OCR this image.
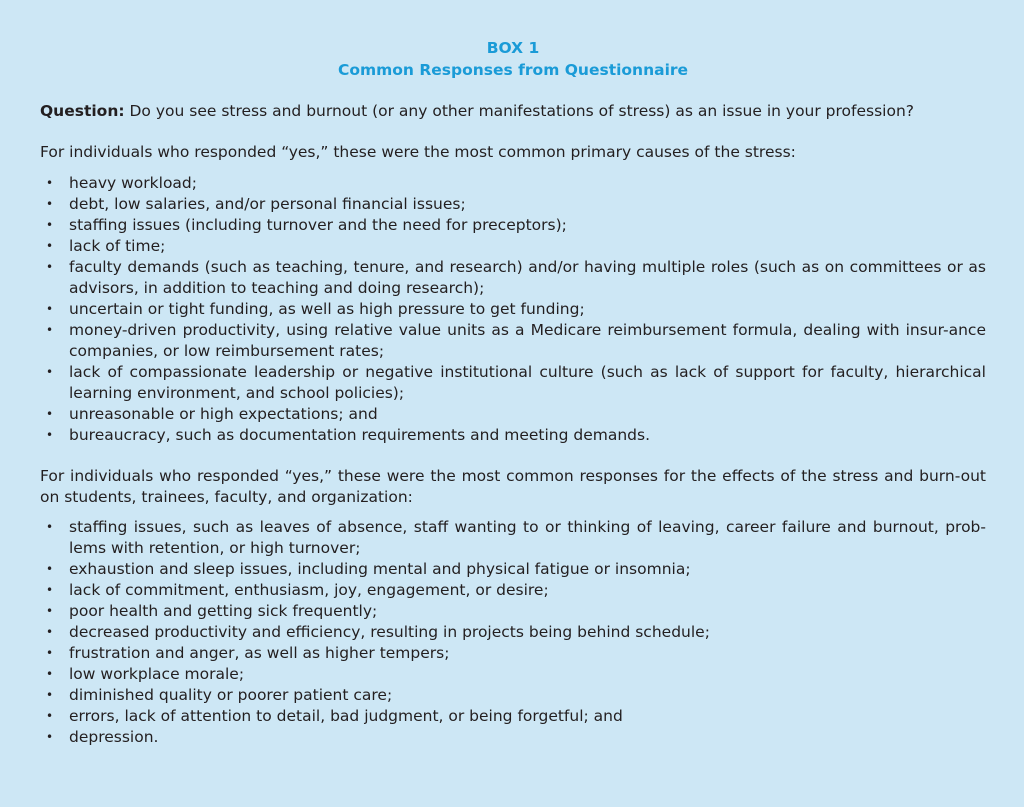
BOX 1
Common Responses from Questionnaire

Question: Do you see stress and burnout (or any other manifestations of stress) as an issue in your profession?

For individuals who responded “yes,” these were the most common primary causes of the stress:

• heavy workload;
• debt, low salaries, and/or personal financial issues;
• staffing issues (including turnover and the need for preceptors);
• lack of time;
• faculty demands (such as teaching, tenure, and research) and/or having multiple roles (such as on committees or as advisors, in addition to teaching and doing research);
• uncertain or tight funding, as well as high pressure to get funding;
• money-driven productivity, using relative value units as a Medicare reimbursement formula, dealing with insur-ance companies, or low reimbursement rates;
• lack of compassionate leadership or negative institutional culture (such as lack of support for faculty, hierarchical learning environment, and school policies);
• unreasonable or high expectations; and
• bureaucracy, such as documentation requirements and meeting demands.

For individuals who responded “yes,” these were the most common responses for the effects of the stress and burn-out on students, trainees, faculty, and organization:

• staffing issues, such as leaves of absence, staff wanting to or thinking of leaving, career failure and burnout, prob-lems with retention, or high turnover;
• exhaustion and sleep issues, including mental and physical fatigue or insomnia;
• lack of commitment, enthusiasm, joy, engagement, or desire;
• poor health and getting sick frequently;
• decreased productivity and efficiency, resulting in projects being behind schedule;
• frustration and anger, as well as higher tempers;
• low workplace morale;
• diminished quality or poorer patient care;
• errors, lack of attention to detail, bad judgment, or being forgetful; and
• depression.
